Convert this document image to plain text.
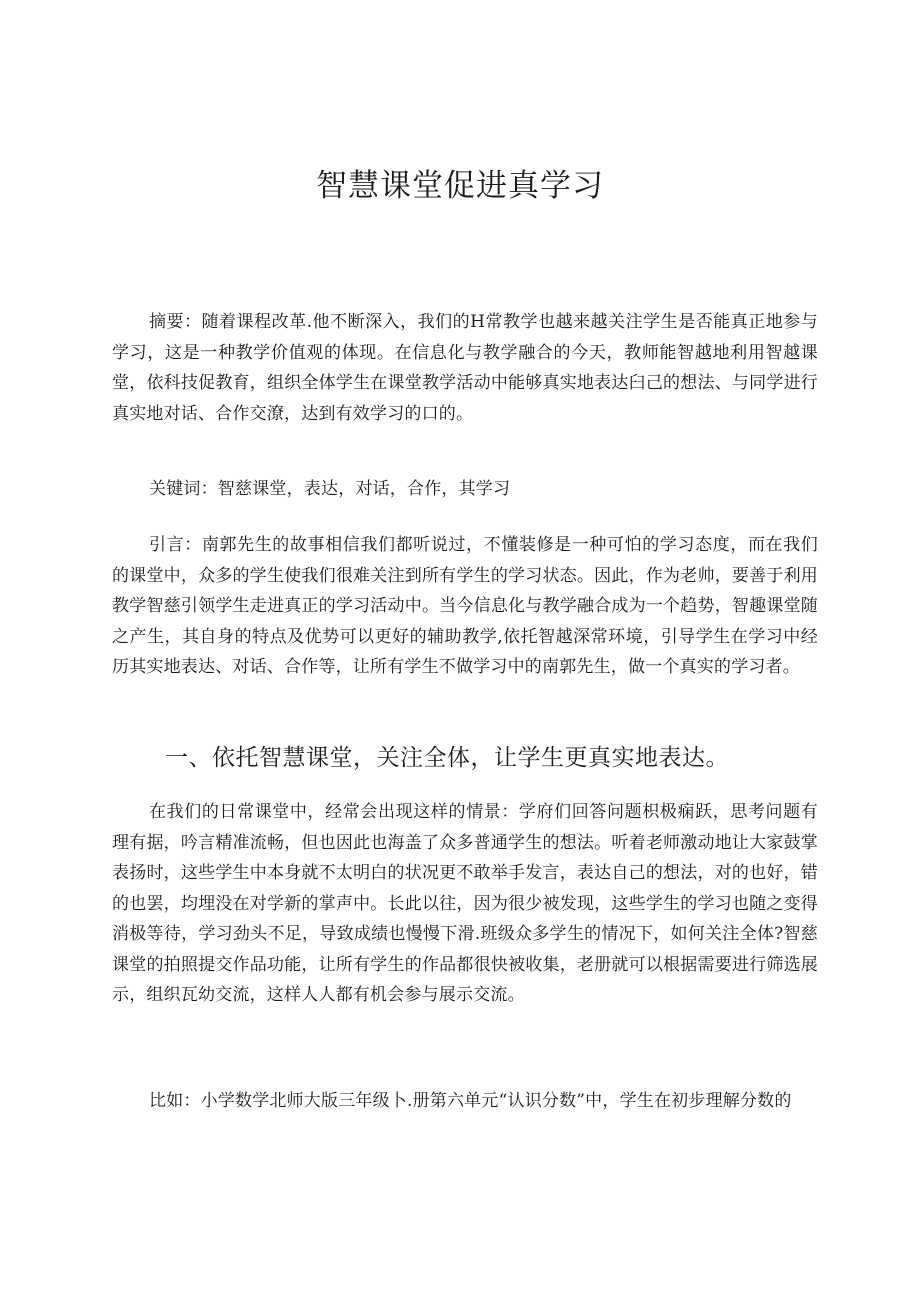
智慧课堂促进真学习

摘要：随着课程改革.他不断深入，我们的H常教学也越来越关注学生是否能真正地参与学习，这是一种教学价值观的体现。在信息化与教学融合的今天，教师能智越地利用智越课堂，依科技促教育，组织全体学生在课堂教学活动中能够真实地表达臼己的想法、与同学进行真实地对话、合作交潦，达到有效学习的口的。

关键词：智慈课堂，表达，对话，合作，其学习

引言：南郭先生的故事相信我们都听说过，不懂装修是一种可怕的学习态度，而在我们的课堂中，众多的学生使我们很难关注到所有学生的学习状态。因此，作为老帅，要善于利用教学智慈引领学生走进真正的学习活动中。当今信息化与教学融合成为一个趋势，智趣课堂随之产生，其自身的特点及优势可以更好的辅助教学,依托智越深常环境，引导学生在学习中经历其实地表达、对话、合作等，让所有学生不做学习中的南郭先生，做一个真实的学习者。

一、依托智慧课堂，关注全体，让学生更真实地表达。

在我们的日常课堂中，经常会出现这样的情景：学府们回答问题枳极痫跃，思考问题有理有据，吟言精准流畅，但也因此也海盖了众多普通学生的想法。听着老师激动地让大家鼓掌表扬时，这些学生中本身就不太明白的状况更不敢举手发言，表达自己的想法，对的也好，错的也罢，均埋没在对学新的掌声中。长此以往，因为很少被发现，这些学生的学习也随之变得消极等待，学习劲头不足，导致成绩也慢慢下滑.班级众多学生的情况下，如何关注全体?智慈课堂的拍照提交作品功能，让所有学生的作品都很快被收集，老册就可以根据需要进行筛选展示，组织瓦幼交流，这样人人都有机会参与展示交流。

比如：小学数学北师大版三年级卜.册第六单元“认识分数”中，学生在初步理解分数的
